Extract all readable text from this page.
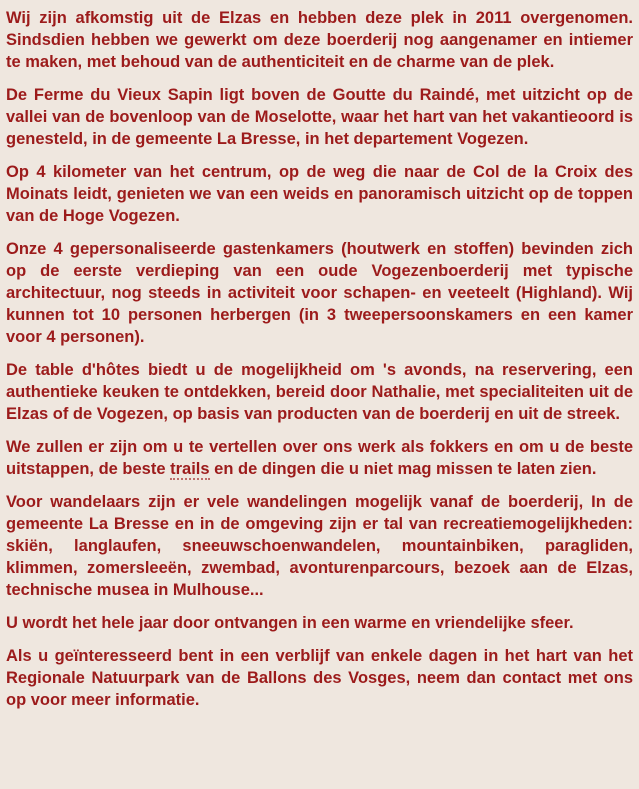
Wij zijn afkomstig uit de Elzas en hebben deze plek in 2011 overgenomen. Sindsdien hebben we gewerkt om deze boerderij nog aangenamer en intiemer te maken, met behoud van de authenticiteit en de charme van de plek.

De Ferme du Vieux Sapin ligt boven de Goutte du Raindé, met uitzicht op de vallei van de bovenloop van de Moselotte, waar het hart van het vakantieoord is genesteld, in de gemeente La Bresse, in het departement Vogezen.

Op 4 kilometer van het centrum, op de weg die naar de Col de la Croix des Moinats leidt, genieten we van een weids en panoramisch uitzicht op de toppen van de Hoge Vogezen.

Onze 4 gepersonaliseerde gastenkamers (houtwerk en stoffen) bevinden zich op de eerste verdieping van een oude Vogezenboerderij met typische architectuur, nog steeds in activiteit voor schapen- en veeteelt (Highland). Wij kunnen tot 10 personen herbergen (in 3 tweepersoonskamers en een kamer voor 4 personen).

De table d'hôtes biedt u de mogelijkheid om 's avonds, na reservering, een authentieke keuken te ontdekken, bereid door Nathalie, met specialiteiten uit de Elzas of de Vogezen, op basis van producten van de boerderij en uit de streek.

We zullen er zijn om u te vertellen over ons werk als fokkers en om u de beste uitstappen, de beste trails en de dingen die u niet mag missen te laten zien.

Voor wandelaars zijn er vele wandelingen mogelijk vanaf de boerderij, In de gemeente La Bresse en in de omgeving zijn er tal van recreatiemogelijkheden: skiën, langlaufen, sneeuwschoenwandelen, mountainbiken, paragliden, klimmen, zomersleeën, zwembad, avonturenparcours, bezoek aan de Elzas, technische musea in Mulhouse...

U wordt het hele jaar door ontvangen in een warme en vriendelijke sfeer.

Als u geïnteresseerd bent in een verblijf van enkele dagen in het hart van het Regionale Natuurpark van de Ballons des Vosges, neem dan contact met ons op voor meer informatie.
